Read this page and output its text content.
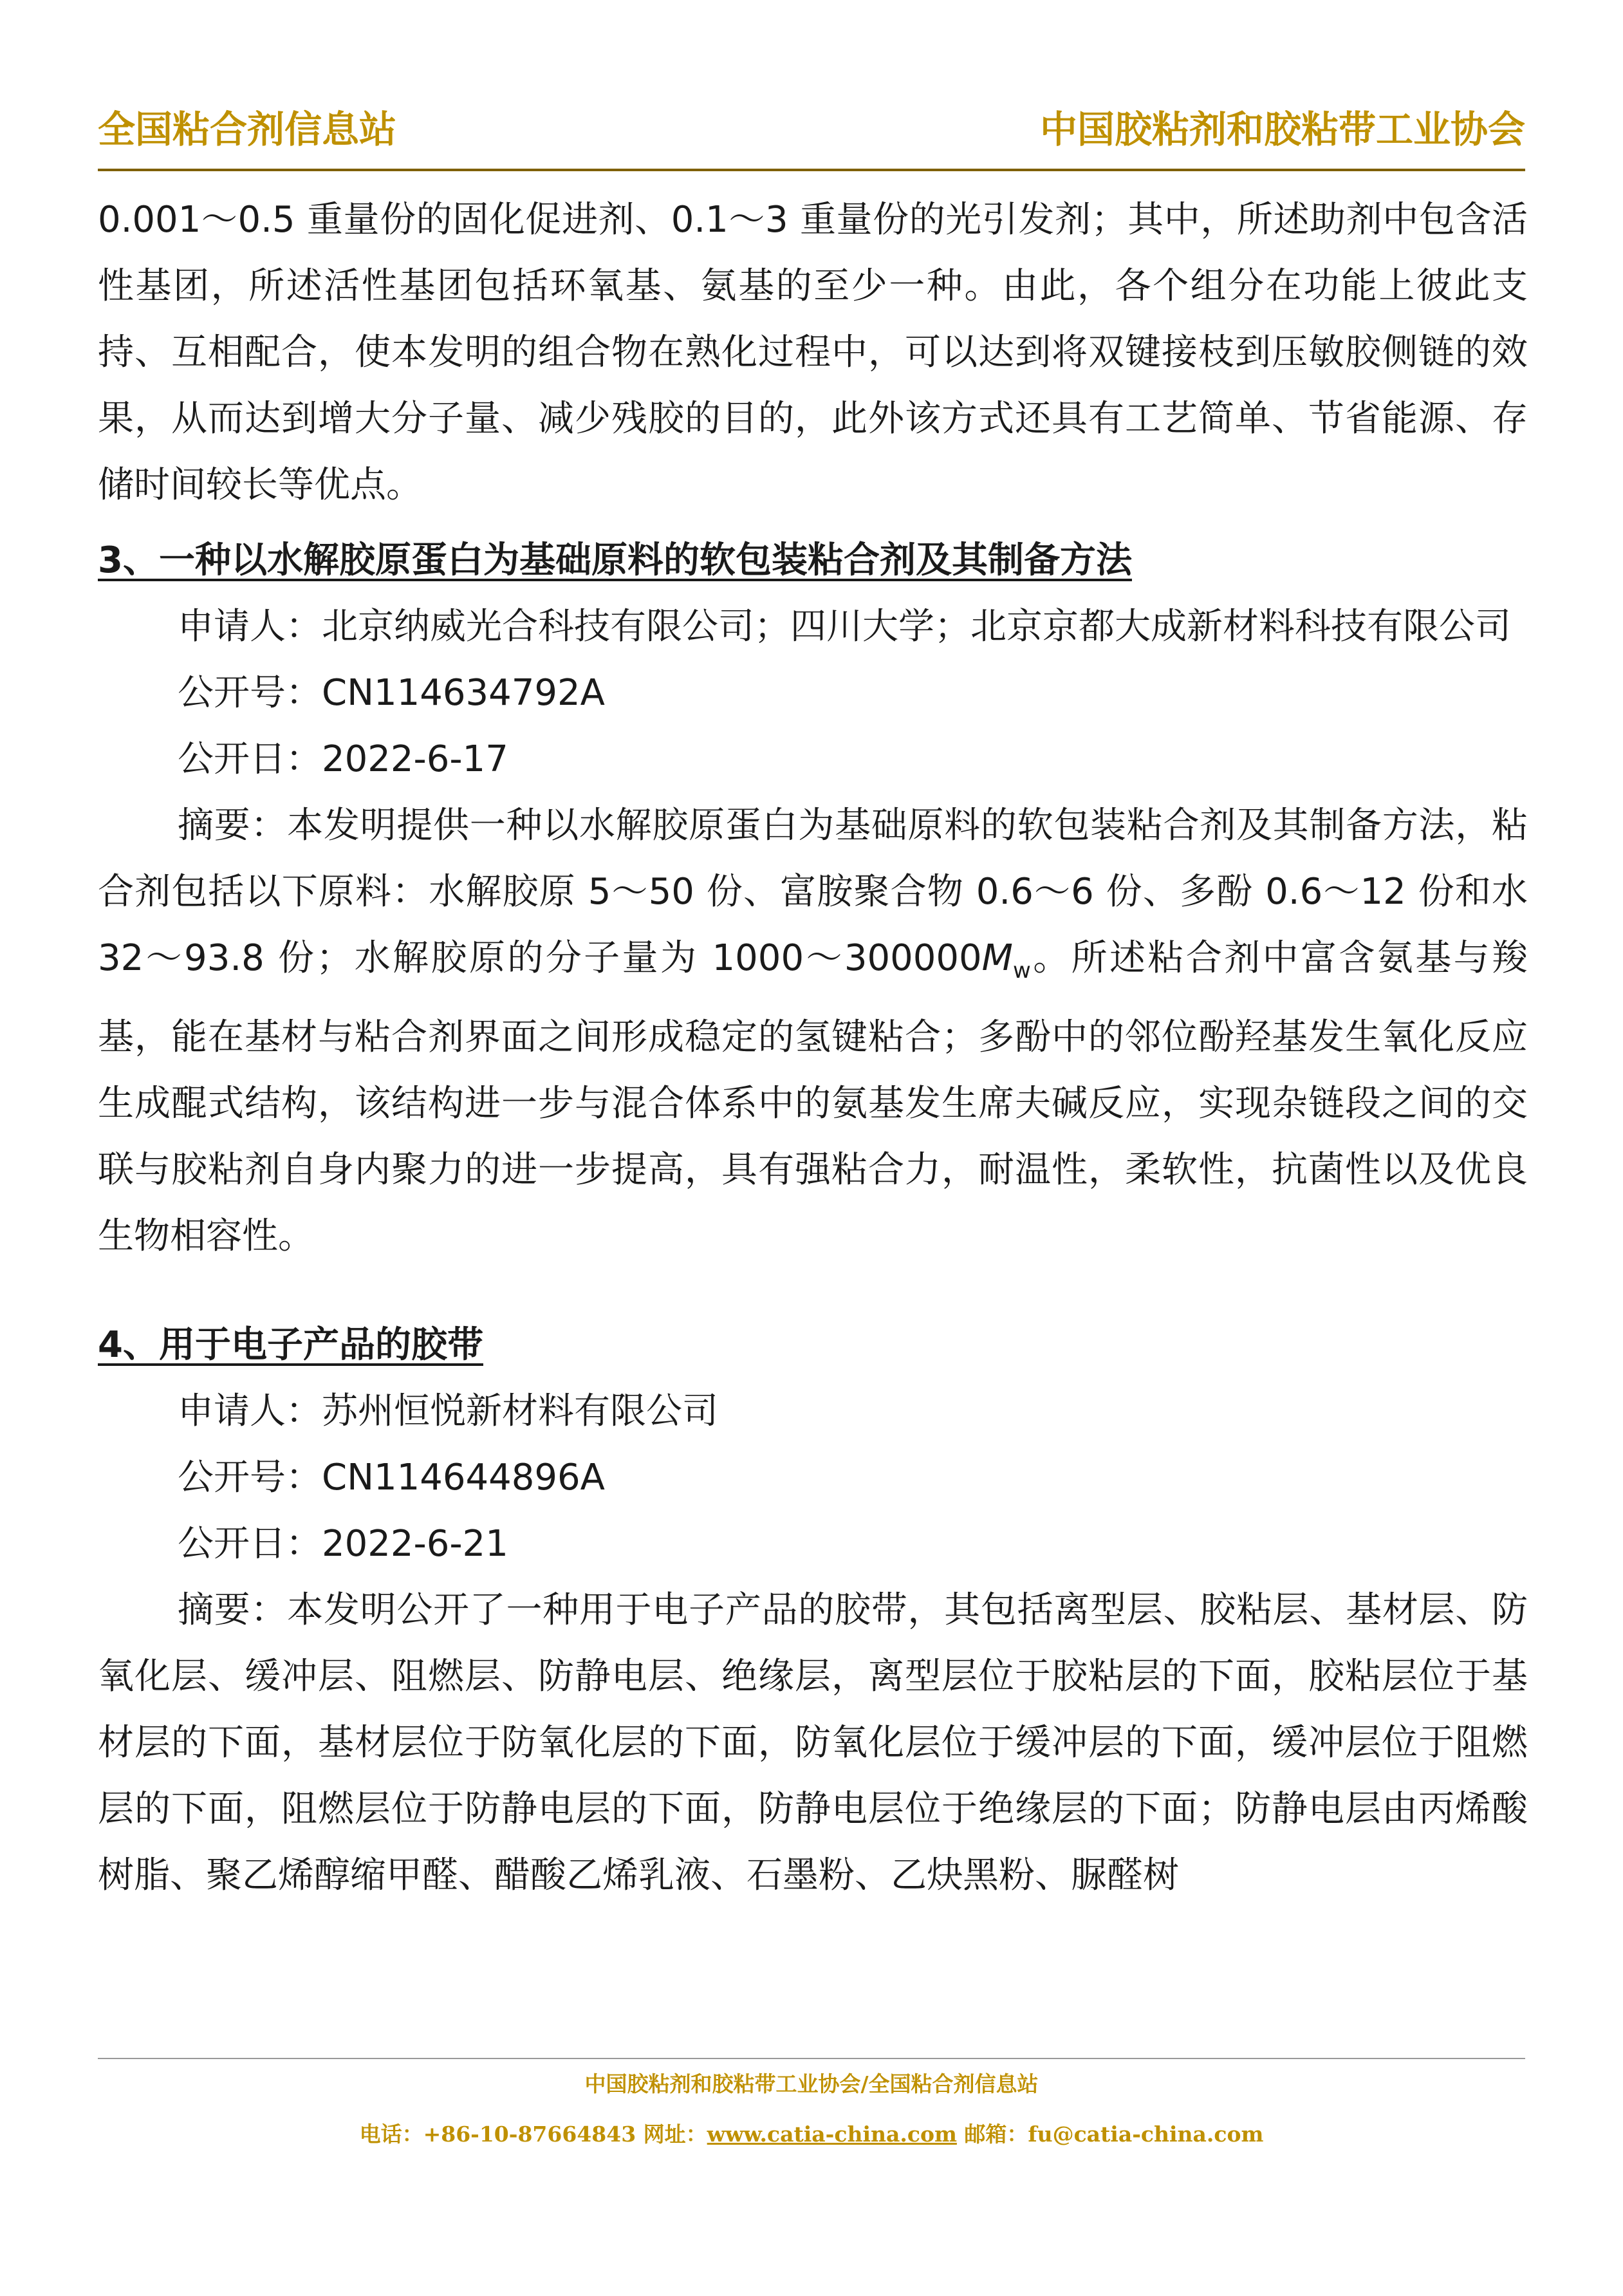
全国粘合剂信息站	中国胶粘剂和胶粘带工业协会

0.001～0.5 重量份的固化促进剂、0.1～3 重量份的光引发剂；其中，所述助剂中包含活性基团，所述活性基团包括环氧基、氨基的至少一种。由此，各个组分在功能上彼此支持、互相配合，使本发明的组合物在熟化过程中，可以达到将双键接枝到压敏胶侧链的效果，从而达到增大分子量、减少残胶的目的，此外该方式还具有工艺简单、节省能源、存储时间较长等优点。

3、一种以水解胶原蛋白为基础原料的软包装粘合剂及其制备方法

申请人：北京纳威光合科技有限公司；四川大学；北京京都大成新材料科技有限公司

公开号：CN114634792A

公开日：2022-6-17

摘要：本发明提供一种以水解胶原蛋白为基础原料的软包装粘合剂及其制备方法，粘合剂包括以下原料：水解胶原 5～50 份、富胺聚合物 0.6～6 份、多酚 0.6～12 份和水 32～93.8 份；水解胶原的分子量为 $1000\sim 300000M_w$。所述粘合剂中富含氨基与羧基，能在基材与粘合剂界面之间形成稳定的氢键粘合；多酚中的邻位酚羟基发生氧化反应生成醌式结构，该结构进一步与混合体系中的氨基发生席夫碱反应，实现杂链段之间的交联与胶粘剂自身内聚力的进一步提高，具有强粘合力，耐温性，柔软性，抗菌性以及优良生物相容性。

4、用于电子产品的胶带

申请人：苏州恒悦新材料有限公司

公开号：CN114644896A

公开日：2022-6-21

摘要：本发明公开了一种用于电子产品的胶带，其包括离型层、胶粘层、基材层、防氧化层、缓冲层、阻燃层、防静电层、绝缘层，离型层位于胶粘层的下面，胶粘层位于基材层的下面，基材层位于防氧化层的下面，防氧化层位于缓冲层的下面，缓冲层位于阻燃层的下面，阻燃层位于防静电层的下面，防静电层位于绝缘层的下面；防静电层由丙烯酸树脂、聚乙烯醇缩甲醛、醋酸乙烯乳液、石墨粉、乙炔黑粉、脲醛树

中国胶粘剂和胶粘带工业协会/全国粘合剂信息站
电话：+86-10-87664843 网址：www.catia-china.com 邮箱：fu@catia-china.com
